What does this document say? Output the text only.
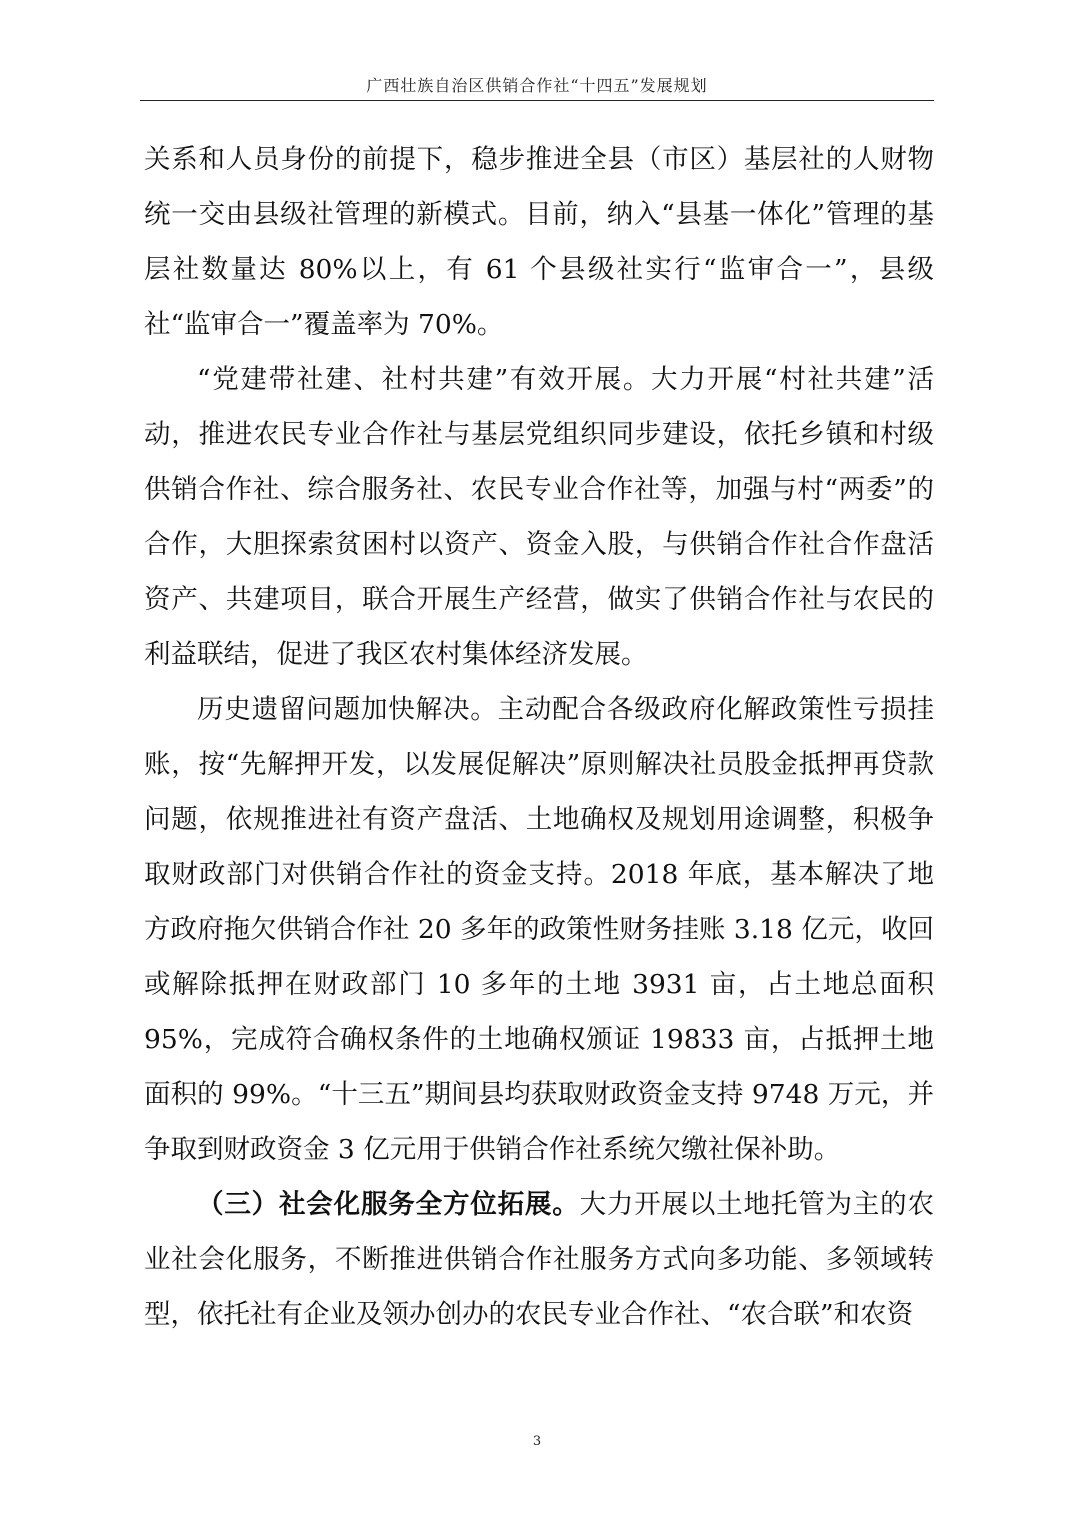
广西壮族自治区供销合作社“十四五”发展规划

关系和人员身份的前提下，稳步推进全县（市区）基层社的人财物统一交由县级社管理的新模式。目前，纳入“县基一体化”管理的基层社数量达 80%以上，有 61 个县级社实行“监审合一”，县级社“监审合一”覆盖率为 70%。

“党建带社建、社村共建”有效开展。大力开展“村社共建”活动，推进农民专业合作社与基层党组织同步建设，依托乡镇和村级供销合作社、综合服务社、农民专业合作社等，加强与村“两委”的合作，大胆探索贫困村以资产、资金入股，与供销合作社合作盘活资产、共建项目，联合开展生产经营，做实了供销合作社与农民的利益联结，促进了我区农村集体经济发展。

历史遗留问题加快解决。主动配合各级政府化解政策性亏损挂账，按“先解押开发，以发展促解决”原则解决社员股金抵押再贷款问题，依规推进社有资产盘活、土地确权及规划用途调整，积极争取财政部门对供销合作社的资金支持。2018 年底，基本解决了地方政府拖欠供销合作社 20 多年的政策性财务挂账 3.18 亿元，收回或解除抵押在财政部门 10 多年的土地 3931 亩，占土地总面积 95%，完成符合确权条件的土地确权颁证 19833 亩，占抵押土地面积的 99%。“十三五”期间县均获取财政资金支持 9748 万元，并争取到财政资金 3 亿元用于供销合作社系统欠缴社保补助。

（三）社会化服务全方位拓展。大力开展以土地托管为主的农业社会化服务，不断推进供销合作社服务方式向多功能、多领域转型，依托社有企业及领办创办的农民专业合作社、“农合联”和农资

3
